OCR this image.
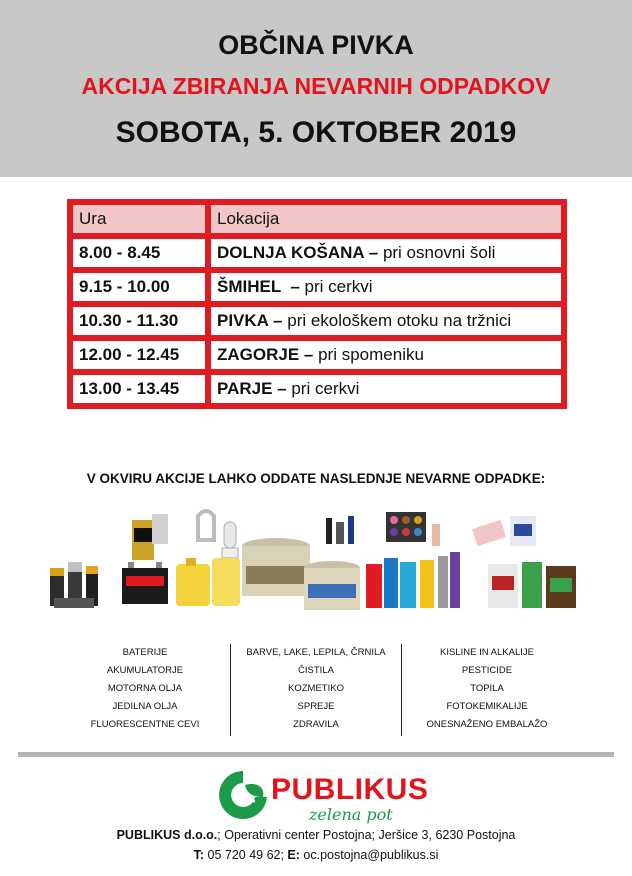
OBČINA PIVKA
AKCIJA ZBIRANJA NEVARNIH ODPADKOV
SOBOTA, 5. OKTOBER 2019
Ura	Lokacija
8.00 - 8.45	DOLNJA KOŠANA – pri osnovni šoli
9.15 - 10.00	ŠMIHEL  – pri cerkvi
10.30 - 11.30	PIVKA – pri ekološkem otoku na tržnici
12.00 - 12.45	ZAGORJE – pri spomeniku
13.00 - 13.45	PARJE – pri cerkvi
V OKVIRU AKCIJE LAHKO ODDATE NASLEDNJE NEVARNE ODPADKE:
BATERIJE
AKUMULATORJE
MOTORNA OLJA
JEDILNA OLJA
FLUORESCENTNE CEVI
BARVE, LAKE, LEPILA, ČRNILA
ČISTILA
KOZMETIKO
SPREJE
ZDRAVILA
KISLINE IN ALKALIJE
PESTICIDE
TOPILA
FOTOKEMIKALIJE
ONESNAŽENO EMBALAŽO
PUBLIKUS
zelena pot
PUBLIKUS d.o.o.; Operativni center Postojna; Jeršice 3, 6230 Postojna
T: 05 720 49 62; E: oc.postojna@publikus.si
